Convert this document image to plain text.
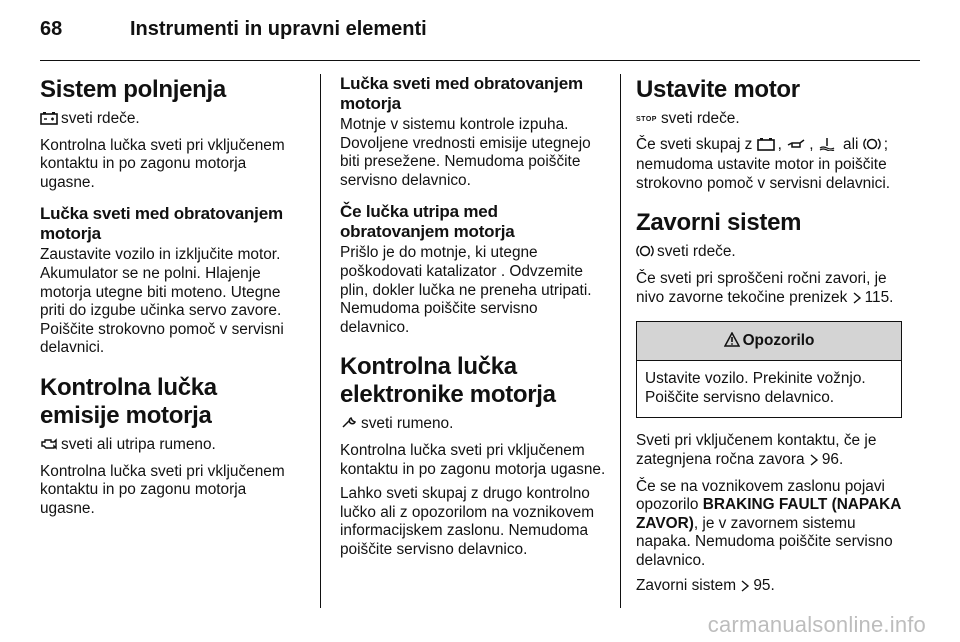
68	Instrumenti in upravni elementi
Sistem polnjenja

sveti rdeče.

Kontrolna lučka sveti pri vključenem kontaktu in po zagonu motorja ugasne.

Lučka sveti med obratovanjem motorja

Zaustavite vozilo in izključite motor. Akumulator se ne polni. Hlajenje motorja utegne biti moteno. Utegne priti do izgube učinka servo zavore. Poiščite strokovno pomoč v servisni delavnici.

Kontrolna lučka emisije motorja

sveti ali utripa rumeno.

Kontrolna lučka sveti pri vključenem kontaktu in po zagonu motorja ugasne.

Lučka sveti med obratovanjem motorja

Motnje v sistemu kontrole izpuha. Dovoljene vrednosti emisije utegnejo biti presežene. Nemudoma poiščite servisno delavnico.

Če lučka utripa med obratovanjem motorja

Prišlo je do motnje, ki utegne poškodovati katalizator . Odvzemite plin, dokler lučka ne preneha utripati. Nemudoma poiščite servisno delavnico.

Kontrolna lučka elektronike motorja

sveti rumeno.

Kontrolna lučka sveti pri vključenem kontaktu in po zagonu motorja ugasne.

Lahko sveti skupaj z drugo kontrolno lučko ali z opozorilom na voznikovem informacijskem zaslonu. Nemudoma poiščite servisno delavnico.

Ustavite motor

STOP sveti rdeče.

Če sveti skupaj z , ,  ali ; nemudoma ustavite motor in poiščite strokovno pomoč v servisni delavnici.

Zavorni sistem

sveti rdeče.

Če sveti pri sproščeni ročni zavori, je nivo zavorne tekočine prenizek 115.

Opozorilo
Ustavite vozilo. Prekinite vožnjo. Poiščite servisno delavnico.

Sveti pri vključenem kontaktu, če je zategnjena ročna zavora 96.

Če se na voznikovem zaslonu pojavi opozorilo BRAKING FAULT (NAPAKA ZAVOR), je v zavornem sistemu napaka. Nemudoma poiščite servisno delavnico.

Zavorni sistem 95.

carmanualsonline.info
